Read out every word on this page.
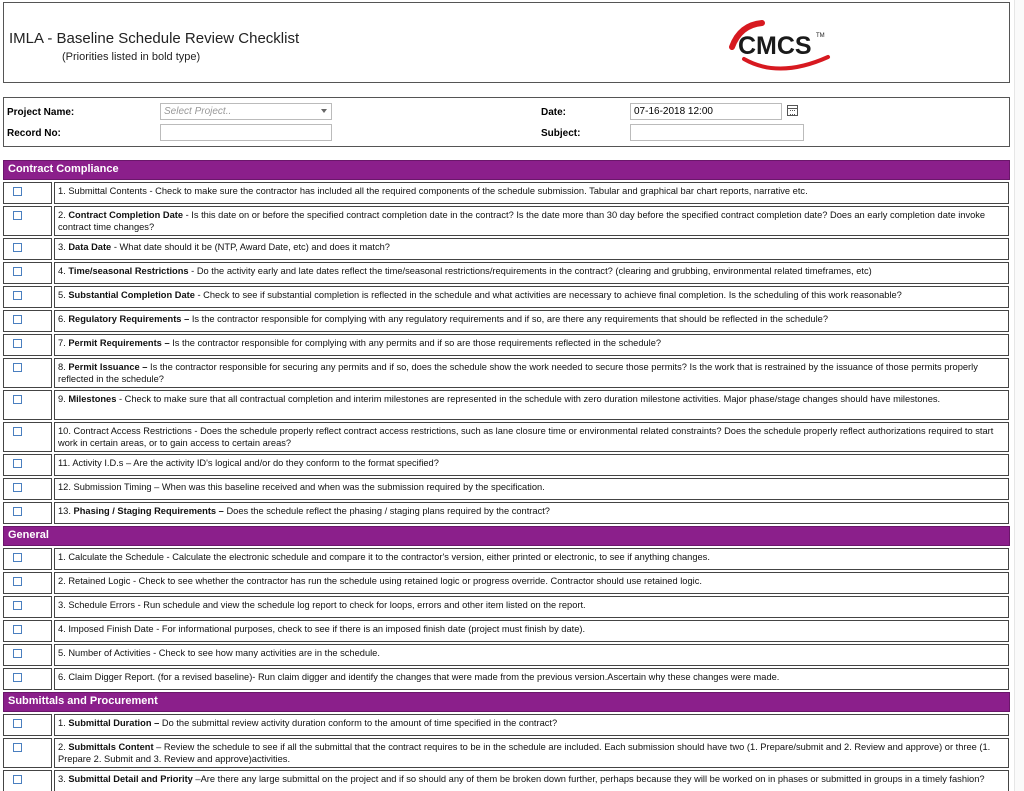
IMLA - Baseline Schedule Review Checklist
(Priorities listed in bold type)	CMCS TM
Project Name:	Select Project..
Record No:
Date:	07-16-2018 12:00
Subject:
Contract Compliance
1. Submittal Contents - Check to make sure the contractor has included all the required components of the schedule submission. Tabular and graphical bar chart reports, narrative etc.
2. Contract Completion Date - Is this date on or before the specified contract completion date in the contract? Is the date more than 30 day before the specified contract completion date? Does an early completion date invoke contract time changes?
3. Data Date - What date should it be (NTP, Award Date, etc) and does it match?
4. Time/seasonal Restrictions - Do the activity early and late dates reflect the time/seasonal restrictions/requirements in the contract? (clearing and grubbing, environmental related timeframes, etc)
5. Substantial Completion Date - Check to see if substantial completion is reflected in the schedule and what activities are necessary to achieve final completion. Is the scheduling of this work reasonable?
6. Regulatory Requirements – Is the contractor responsible for complying with any regulatory requirements and if so, are there any requirements that should be reflected in the schedule?
7. Permit Requirements – Is the contractor responsible for complying with any permits and if so are those requirements reflected in the schedule?
8. Permit Issuance – Is the contractor responsible for securing any permits and if so, does the schedule show the work needed to secure those permits? Is the work that is restrained by the issuance of those permits properly reflected in the schedule?
9. Milestones - Check to make sure that all contractual completion and interim milestones are represented in the schedule with zero duration milestone activities. Major phase/stage changes should have milestones.
10. Contract Access Restrictions - Does the schedule properly reflect contract access restrictions, such as lane closure time or environmental related constraints? Does the schedule properly reflect authorizations required to start work in certain areas, or to gain access to certain areas?
11. Activity I.D.s – Are the activity ID's logical and/or do they conform to the format specified?
12. Submission Timing – When was this baseline received and when was the submission required by the specification.
13. Phasing / Staging Requirements – Does the schedule reflect the phasing / staging plans required by the contract?
General
1. Calculate the Schedule - Calculate the electronic schedule and compare it to the contractor's version, either printed or electronic, to see if anything changes.
2. Retained Logic - Check to see whether the contractor has run the schedule using retained logic or progress override. Contractor should use retained logic.
3. Schedule Errors - Run schedule and view the schedule log report to check for loops, errors and other item listed on the report.
4. Imposed Finish Date - For informational purposes, check to see if there is an imposed finish date (project must finish by date).
5. Number of Activities - Check to see how many activities are in the schedule.
6. Claim Digger Report. (for a revised baseline)- Run claim digger and identify the changes that were made from the previous version.Ascertain why these changes were made.
Submittals and Procurement
1. Submittal Duration – Do the submittal review activity duration conform to the amount of time specified in the contract?
2. Submittals Content – Review the schedule to see if all the submittal that the contract requires to be in the schedule are included. Each submission should have two (1. Prepare/submit and 2. Review and approve) or three (1. Prepare 2. Submit and 3. Review and approve)activities.
3. Submittal Detail and Priority –Are there any large submittal on the project and if so should any of them be broken down further, perhaps because they will be worked on in phases or submitted in groups in a timely fashion?
